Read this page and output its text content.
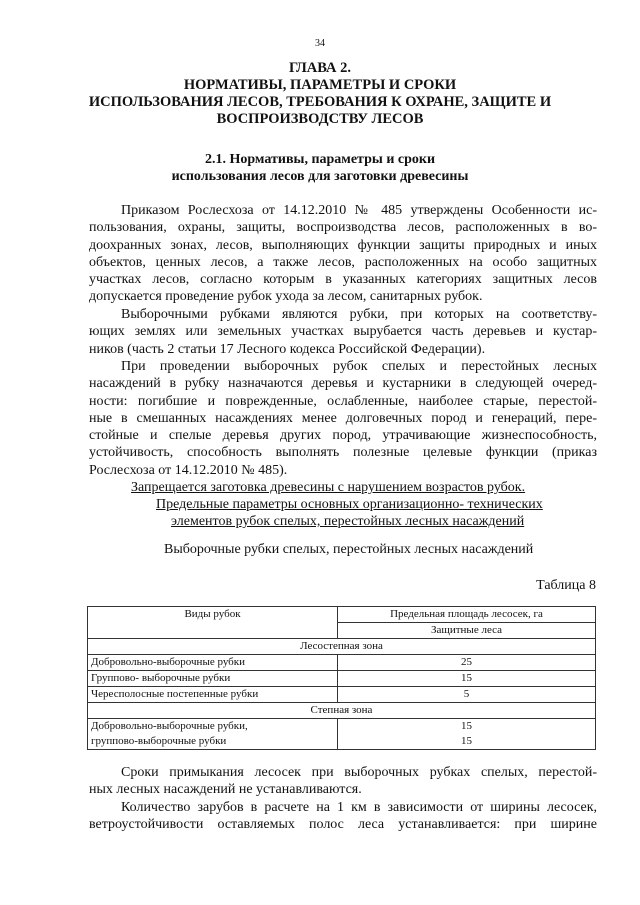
34
ГЛАВА 2.
НОРМАТИВЫ, ПАРАМЕТРЫ И СРОКИ
ИСПОЛЬЗОВАНИЯ ЛЕСОВ, ТРЕБОВАНИЯ К ОХРАНЕ, ЗАЩИТЕ И
ВОСПРОИЗВОДСТВУ ЛЕСОВ
2.1. Нормативы, параметры и сроки
использования лесов для заготовки древесины
Приказом Рослесхоза от 14.12.2010 № 485 утверждены Особенности ис-
пользования, охраны, защиты, воспроизводства лесов, расположенных в во-
доохранных зонах, лесов, выполняющих функции защиты природных и иных
объектов, ценных лесов, а также лесов, расположенных на особо защитных
участках лесов, согласно которым в указанных категориях защитных лесов
допускается проведение рубок ухода за лесом, санитарных рубок.
Выборочными рубками являются рубки, при которых на соответству-
ющих землях или земельных участках вырубается часть деревьев и кустар-
ников (часть 2 статьи 17 Лесного кодекса Российской Федерации).
При проведении выборочных рубок спелых и перестойных лесных
насаждений в рубку назначаются деревья и кустарники в следующей очеред-
ности: погибшие и поврежденные, ослабленные, наиболее старые, перестой-
ные в смешанных насаждениях менее долговечных пород и генераций, пере-
стойные и спелые деревья других пород, утрачивающие жизнеспособность,
устойчивость, способность выполнять полезные целевые функции (приказ
Рослесхоза от 14.12.2010 № 485).
Запрещается заготовка древесины с нарушением возрастов рубок.
Предельные параметры основных организационно- технических
элементов рубок спелых, перестойных лесных насаждений
Выборочные рубки спелых, перестойных лесных насаждений
Таблица 8
Виды рубок	Предельная площадь лесосек, га
	Защитные леса
Лесостепная зона	
Добровольно-выборочные рубки	25
Группово- выборочные рубки	15
Чересполосные постепенные рубки	5
Степная зона	
Добровольно-выборочные рубки,	15
группово-выборочные рубки	15
Сроки примыкания лесосек при выборочных рубках спелых, перестой-
ных лесных насаждений не устанавливаются.
Количество зарубов в расчете на 1 км в зависимости от ширины лесосек,
ветроустойчивости оставляемых полос леса устанавливается: при ширине
